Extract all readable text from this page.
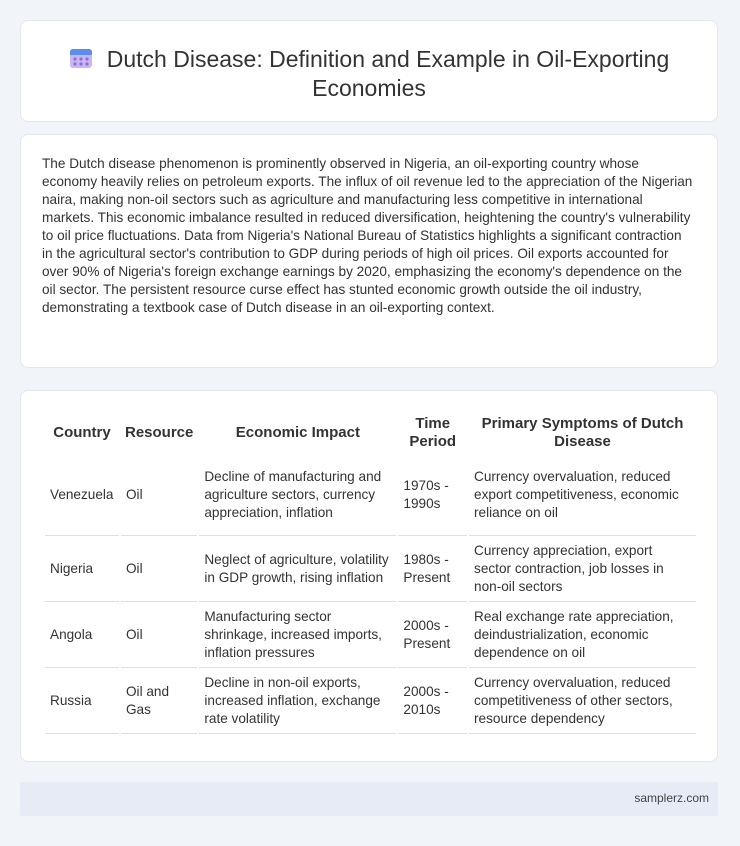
Dutch Disease: Definition and Example in Oil-Exporting Economies

The Dutch disease phenomenon is prominently observed in Nigeria, an oil-exporting country whose economy heavily relies on petroleum exports. The influx of oil revenue led to the appreciation of the Nigerian naira, making non-oil sectors such as agriculture and manufacturing less competitive in international markets. This economic imbalance resulted in reduced diversification, heightening the country's vulnerability to oil price fluctuations. Data from Nigeria's National Bureau of Statistics highlights a significant contraction in the agricultural sector's contribution to GDP during periods of high oil prices. Oil exports accounted for over 90% of Nigeria's foreign exchange earnings by 2020, emphasizing the economy's dependence on the oil sector. The persistent resource curse effect has stunted economic growth outside the oil industry, demonstrating a textbook case of Dutch disease in an oil-exporting context.

Country	Resource	Economic Impact	Time Period	Primary Symptoms of Dutch Disease
Venezuela	Oil	Decline of manufacturing and agriculture sectors, currency appreciation, inflation	1970s - 1990s	Currency overvaluation, reduced export competitiveness, economic reliance on oil
Nigeria	Oil	Neglect of agriculture, volatility in GDP growth, rising inflation	1980s - Present	Currency appreciation, export sector contraction, job losses in non-oil sectors
Angola	Oil	Manufacturing sector shrinkage, increased imports, inflation pressures	2000s - Present	Real exchange rate appreciation, deindustrialization, economic dependence on oil
Russia	Oil and Gas	Decline in non-oil exports, increased inflation, exchange rate volatility	2000s - 2010s	Currency overvaluation, reduced competitiveness of other sectors, resource dependency
samplerz.com
